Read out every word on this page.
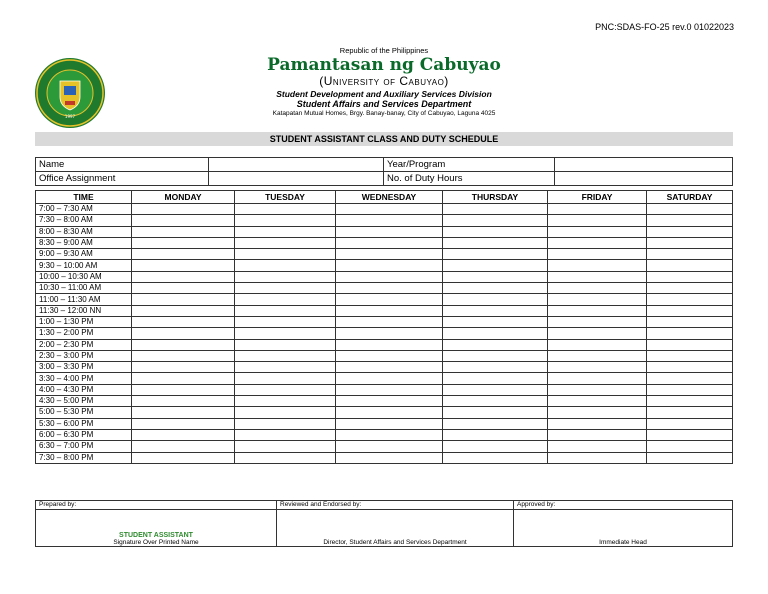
PNC:SDAS-FO-25 rev.0 01022023
1997
Republic of the Philippines
Pamantasan ng Cabuyao
(University of Cabuyao)
Student Development and Auxiliary Services Division
Student Affairs and Services Department
Katapatan Mutual Homes, Brgy. Banay-banay, City of Cabuyao, Laguna 4025
STUDENT ASSISTANT CLASS AND DUTY SCHEDULE
Name		Year/Program	
Office Assignment		No. of Duty Hours	
TIME	MONDAY	TUESDAY	WEDNESDAY	THURSDAY	FRIDAY	SATURDAY
7:00 – 7:30 AM						
7:30 – 8:00 AM						
8:00 – 8:30 AM						
8:30 – 9:00 AM						
9:00 – 9:30 AM						
9:30 – 10:00 AM						
10:00 – 10:30 AM						
10:30 – 11:00 AM						
11:00 – 11:30 AM						
11:30 – 12:00 NN						
1:00 – 1:30 PM						
1:30 – 2:00 PM						
2:00 – 2:30 PM						
2:30 – 3:00 PM						
3:00 – 3:30 PM						
3:30 – 4:00 PM						
4:00 – 4:30 PM						
4:30 – 5:00 PM						
5:00 – 5:30 PM						
5:30 – 6:00 PM						
6:00 – 6:30 PM						
6:30 – 7:00 PM						
7:30 – 8:00 PM						
Prepared by:	Reviewed and Endorsed by:	Approved by:

STUDENT ASSISTANT
Signature Over Printed Name	Director, Student Affairs and Services Department	Immediate Head
